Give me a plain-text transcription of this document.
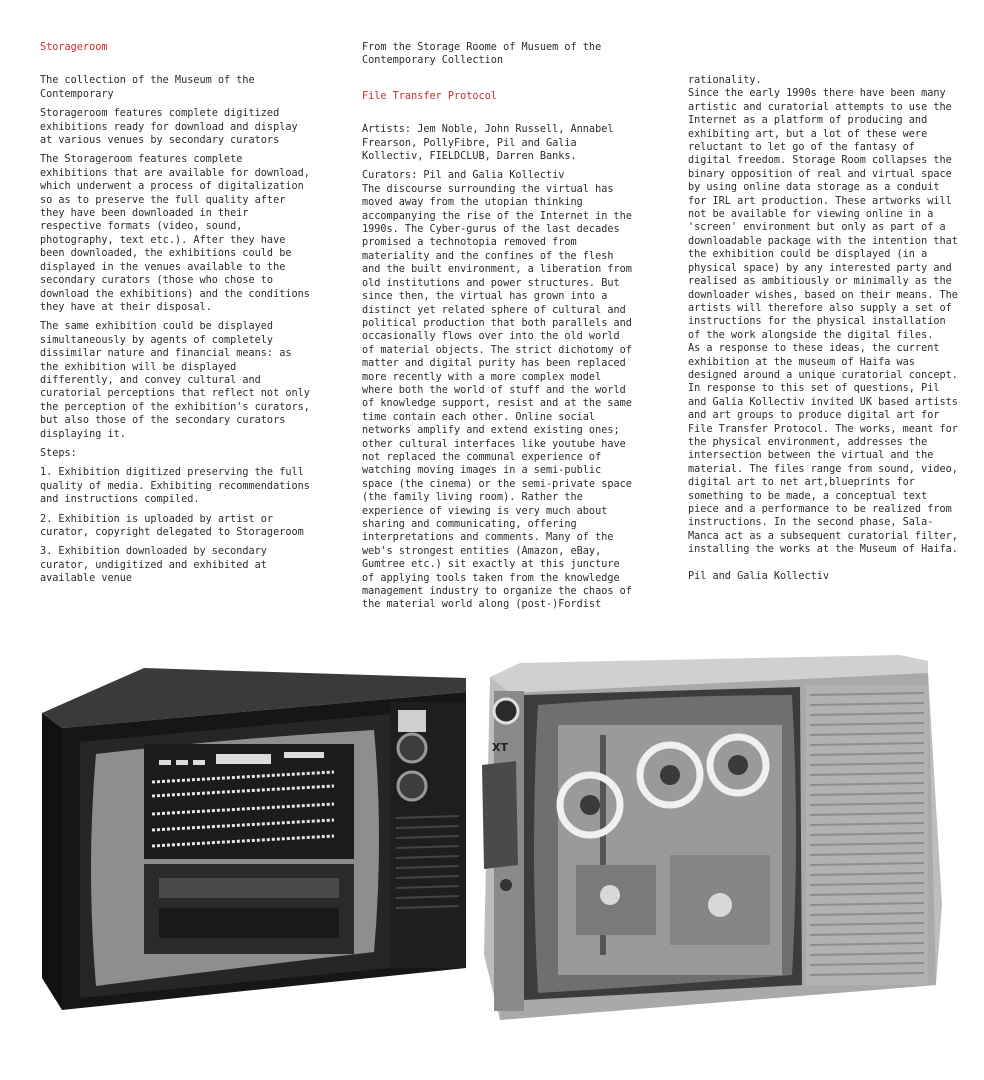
Storageroom

The collection of the Museum of the Contemporary

Storageroom features complete digitized exhibitions ready for download and display at various venues by secondary curators

The Storageroom features complete exhibitions that are available for download, which underwent a process of digitalization so as to preserve the full quality after they have been downloaded in their respective formats (video, sound, photography, text etc.). After they have been downloaded, the exhibitions could be displayed in the venues available to the secondary curators (those who chose to download the exhibitions) and the conditions they have at their disposal.

The same exhibition could be displayed simultaneously by agents of completely dissimilar nature and financial means: as the exhibition will be displayed differently, and convey cultural and curatorial perceptions that reflect not only the perception of the exhibition's curators, but also those of the secondary curators displaying it.

Steps:

1. Exhibition digitized preserving the full quality of media. Exhibiting recommendations and instructions compiled.

2. Exhibition is uploaded by artist or curator, copyright delegated to Storageroom

3. Exhibition downloaded by secondary curator, undigitized and exhibited at available venue

From the Storage Roome of Musuem of the Contemporary Collection

File Transfer Protocol

Artists: Jem Noble, John Russell, Annabel Frearson, PollyFibre, Pil and Galia Kollectiv, FIELDCLUB, Darren Banks.

Curators: Pil and Galia Kollectiv

The discourse surrounding the virtual has moved away from the utopian thinking accompanying the rise of the Internet in the 1990s. The Cyber-gurus of the last decades promised a technotopia removed from materiality and the confines of the flesh and the built environment, a liberation from old institutions and power structures. But since then, the virtual has grown into a distinct yet related sphere of cultural and political production that both parallels and occasionally flows over into the old world of material objects. The strict dichotomy of matter and digital purity has been replaced more recently with a more complex model where both the world of stuff and the world of knowledge support, resist and at the same time contain each other. Online social networks amplify and extend existing ones; other cultural interfaces like youtube have not replaced the communal experience of watching moving images in a semi-public space (the cinema) or the semi-private space (the family living room). Rather the experience of viewing is very much about sharing and communicating, offering interpretations and comments. Many of the web's strongest entities (Amazon, eBay, Gumtree etc.) sit exactly at this juncture of applying tools taken from the knowledge management industry to organize the chaos of the material world along (post-)Fordist

rationality.

Since the early 1990s there have been many artistic and curatorial attempts to use the Internet as a platform of producing and exhibiting art, but a lot of these were reluctant to let go of the fantasy of digital freedom. Storage Room collapses the binary opposition of real and virtual space by using online data storage as a conduit for IRL art production. These artworks will not be available for viewing online in a 'screen' environment but only as part of a downloadable package with the intention that the exhibition could be displayed (in a physical space) by any interested party and realised as ambitiously or minimally as the downloader wishes, based on their means. The artists will therefore also supply a set of instructions for the physical installation of the work alongside the digital files.

As a response to these ideas, the current exhibition at the museum of Haifa was designed around a unique curatorial concept. In response to this set of questions, Pil and Galia Kollectiv invited UK based artists and art groups to produce digital art for File Transfer Protocol. The works, meant for the physical environment, addresses the intersection between the virtual and the material. The files range from sound, video, digital art to net art,blueprints for something to be made, a conceptual text piece and a performance to be realized from instructions. In the second phase, Sala-Manca act as a subsequent curatorial filter, installing the works at the Museum of Haifa.

Pil and Galia Kollectiv

XT
